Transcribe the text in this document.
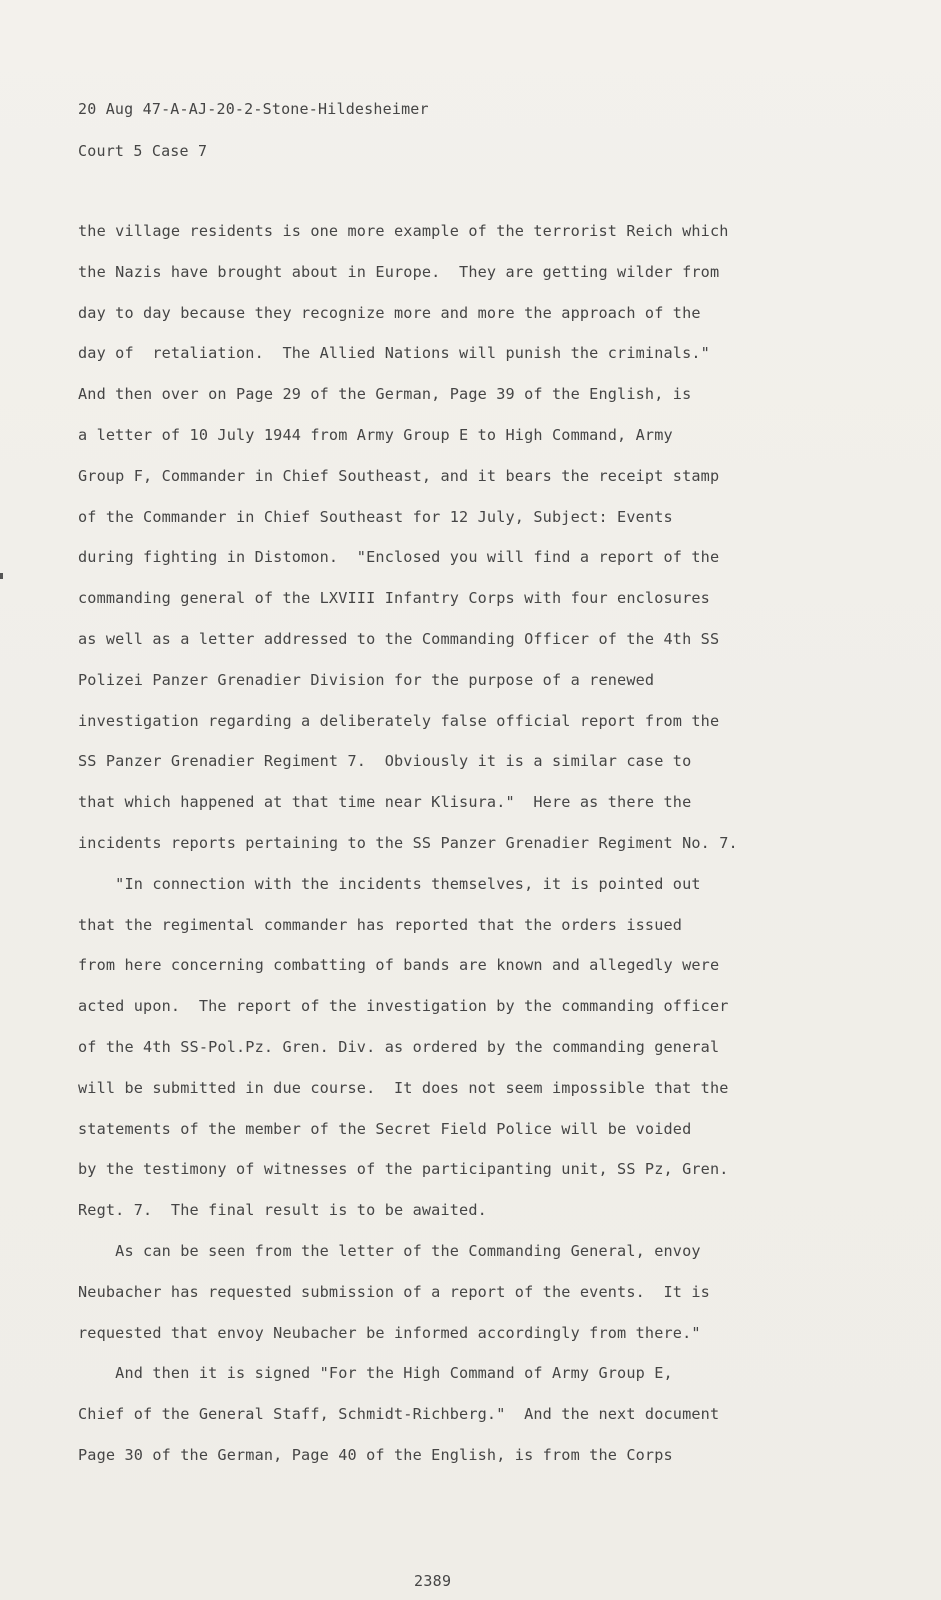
20 Aug 47-A-AJ-20-2-Stone-Hildesheimer
Court 5 Case 7
the village residents is one more example of the terrorist Reich which
the Nazis have brought about in Europe.  They are getting wilder from
day to day because they recognize more and more the approach of the
day of  retaliation.  The Allied Nations will punish the criminals."
And then over on Page 29 of the German, Page 39 of the English, is
a letter of 10 July 1944 from Army Group E to High Command, Army
Group F, Commander in Chief Southeast, and it bears the receipt stamp
of the Commander in Chief Southeast for 12 July, Subject: Events
during fighting in Distomon.  "Enclosed you will find a report of the
commanding general of the LXVIII Infantry Corps with four enclosures
as well as a letter addressed to the Commanding Officer of the 4th SS
Polizei Panzer Grenadier Division for the purpose of a renewed
investigation regarding a deliberately false official report from the
SS Panzer Grenadier Regiment 7.  Obviously it is a similar case to
that which happened at that time near Klisura."  Here as there the
incidents reports pertaining to the SS Panzer Grenadier Regiment No. 7.
"In connection with the incidents themselves, it is pointed out
that the regimental commander has reported that the orders issued
from here concerning combatting of bands are known and allegedly were
acted upon.  The report of the investigation by the commanding officer
of the 4th SS-Pol.Pz. Gren. Div. as ordered by the commanding general
will be submitted in due course.  It does not seem impossible that the
statements of the member of the Secret Field Police will be voided
by the testimony of witnesses of the participanting unit, SS Pz, Gren.
Regt. 7.  The final result is to be awaited.
As can be seen from the letter of the Commanding General, envoy
Neubacher has requested submission of a report of the events.  It is
requested that envoy Neubacher be informed accordingly from there."
And then it is signed "For the High Command of Army Group E,
Chief of the General Staff, Schmidt-Richberg."  And the next document
Page 30 of the German, Page 40 of the English, is from the Corps
2389
